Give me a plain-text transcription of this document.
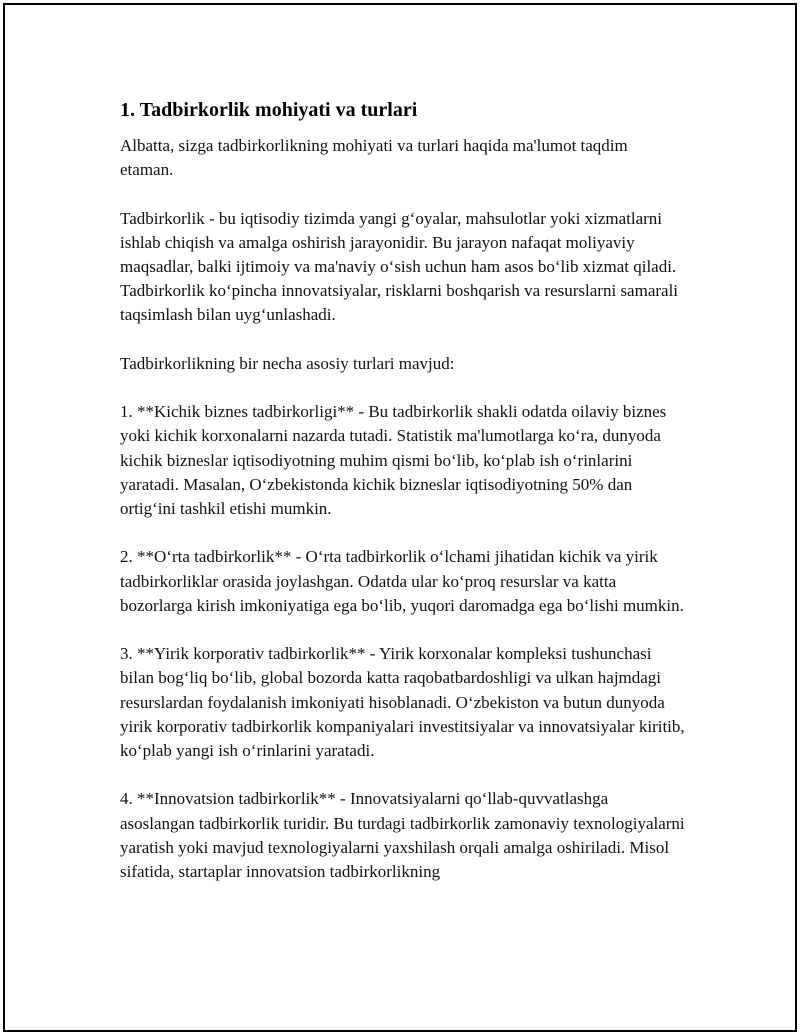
1. Tadbirkorlik mohiyati va turlari

Albatta, sizga tadbirkorlikning mohiyati va turlari haqida ma'lumot taqdim etaman.

Tadbirkorlik - bu iqtisodiy tizimda yangi g‘oyalar, mahsulotlar yoki xizmatlarni ishlab chiqish va amalga oshirish jarayonidir. Bu jarayon nafaqat moliyaviy maqsadlar, balki ijtimoiy va ma'naviy o‘sish uchun ham asos bo‘lib xizmat qiladi. Tadbirkorlik ko‘pincha innovatsiyalar, risklarni boshqarish va resurslarni samarali taqsimlash bilan uyg‘unlashadi.

Tadbirkorlikning bir necha asosiy turlari mavjud:

1. **Kichik biznes tadbirkorligi** - Bu tadbirkorlik shakli odatda oilaviy biznes yoki kichik korxonalarni nazarda tutadi. Statistik ma'lumotlarga ko‘ra, dunyoda kichik bizneslar iqtisodiyotning muhim qismi bo‘lib, ko‘plab ish o‘rinlarini yaratadi. Masalan, O‘zbekistonda kichik bizneslar iqtisodiyotning 50% dan ortig‘ini tashkil etishi mumkin.

2. **O‘rta tadbirkorlik** - O‘rta tadbirkorlik o‘lchami jihatidan kichik va yirik tadbirkorliklar orasida joylashgan. Odatda ular ko‘proq resurslar va katta bozorlarga kirish imkoniyatiga ega bo‘lib, yuqori daromadga ega bo‘lishi mumkin.

3. **Yirik korporativ tadbirkorlik** - Yirik korxonalar kompleksi tushunchasi bilan bog‘liq bo‘lib, global bozorda katta raqobatbardoshligi va ulkan hajmdagi resurslardan foydalanish imkoniyati hisoblanadi. O‘zbekiston va butun dunyoda yirik korporativ tadbirkorlik kompaniyalari investitsiyalar va innovatsiyalar kiritib, ko‘plab yangi ish o‘rinlarini yaratadi.

4. **Innovatsion tadbirkorlik** - Innovatsiyalarni qo‘llab-quvvatlashga asoslangan tadbirkorlik turidir. Bu turdagi tadbirkorlik zamonaviy texnologiyalarni yaratish yoki mavjud texnologiyalarni yaxshilash orqali amalga oshiriladi. Misol sifatida, startaplar innovatsion tadbirkorlikning
